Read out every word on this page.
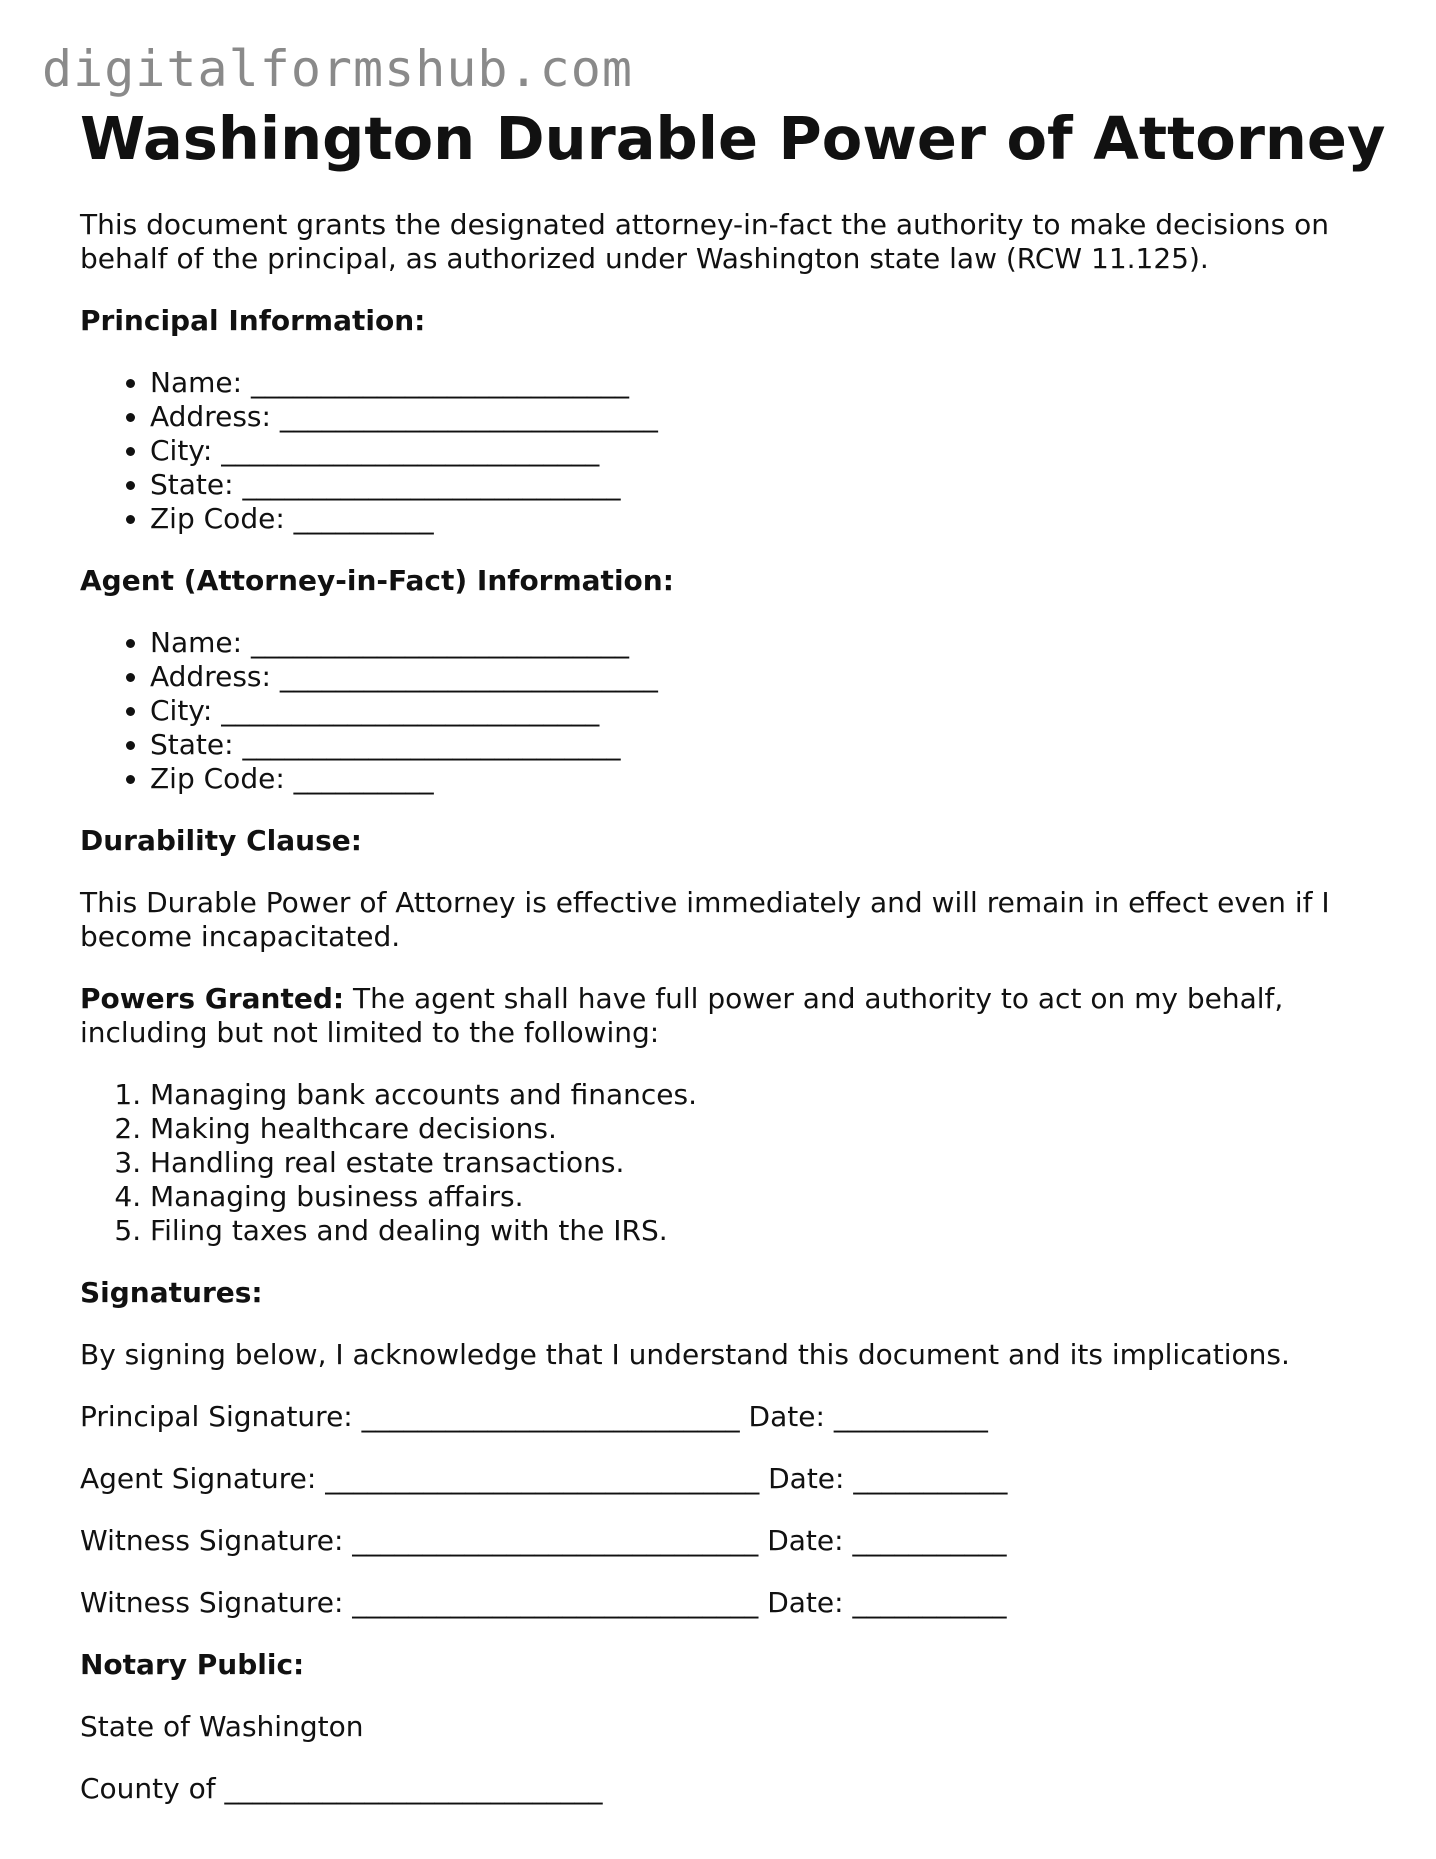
digitalformshub.com
Washington Durable Power of Attorney

This document grants the designated attorney-in-fact the authority to make decisions on behalf of the principal, as authorized under Washington state law (RCW 11.125).

Principal Information:

• Name: ___________________________
• Address: ___________________________
• City: ___________________________
• State: ___________________________
• Zip Code: __________

Agent (Attorney-in-Fact) Information:

• Name: ___________________________
• Address: ___________________________
• City: ___________________________
• State: ___________________________
• Zip Code: __________

Durability Clause:

This Durable Power of Attorney is effective immediately and will remain in effect even if I become incapacitated.

Powers Granted: The agent shall have full power and authority to act on my behalf, including but not limited to the following:

1. Managing bank accounts and finances.
2. Making healthcare decisions.
3. Handling real estate transactions.
4. Managing business affairs.
5. Filing taxes and dealing with the IRS.

Signatures:

By signing below, I acknowledge that I understand this document and its implications.

Principal Signature: ___________________________ Date: ___________

Agent Signature: _______________________________ Date: ___________

Witness Signature: _____________________________ Date: ___________

Witness Signature: _____________________________ Date: ___________

Notary Public:

State of Washington

County of ___________________________
